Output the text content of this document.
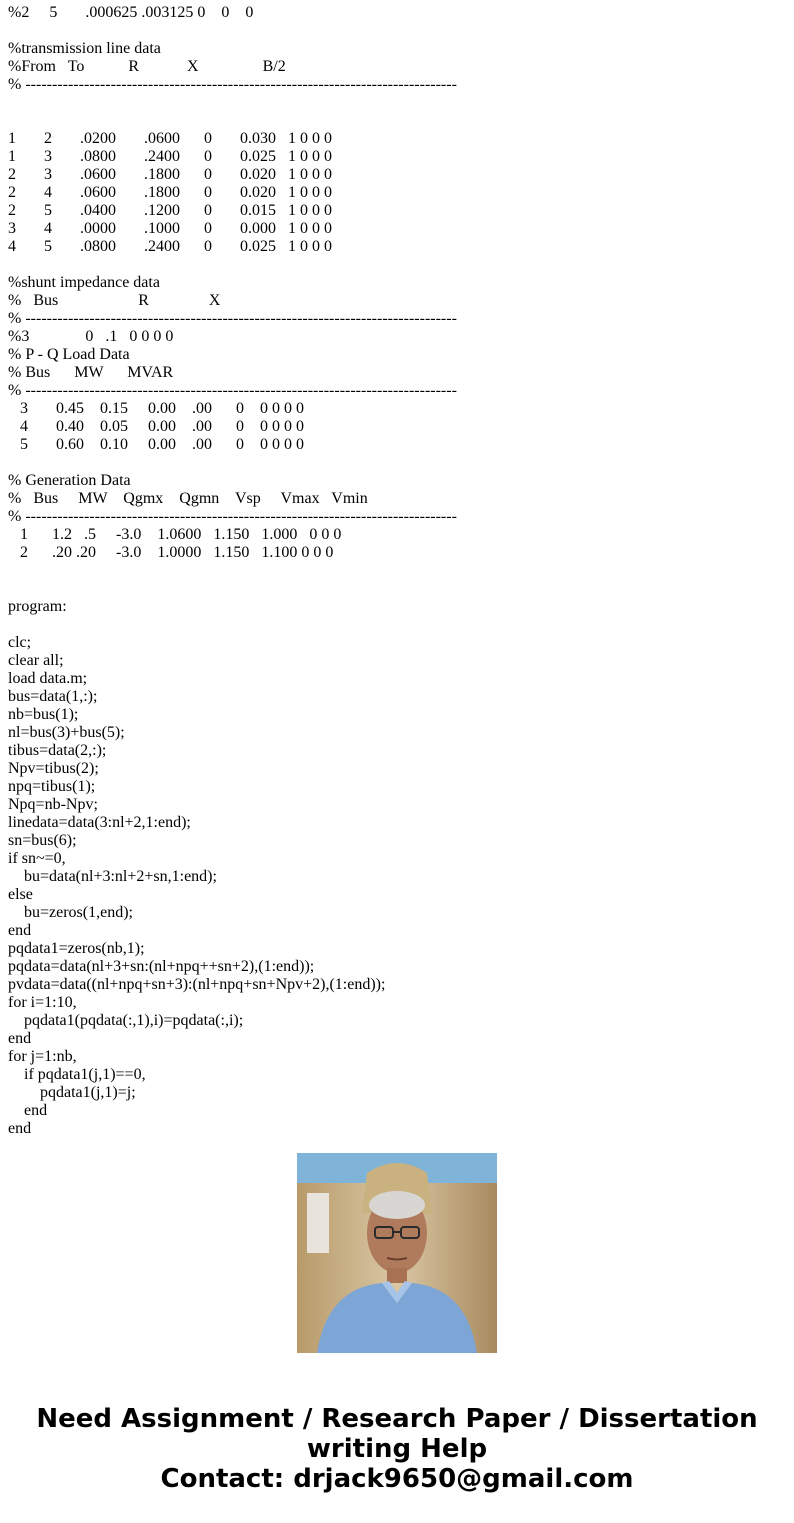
%2     5       .000625 .003125 0    0    0

%transmission line data
%From   To           R            X                B/2
% ---------------------------------------------------------------------------------

1       2       .0200       .0600      0       0.030   1 0 0 0
1       3       .0800       .2400      0       0.025   1 0 0 0
2       3       .0600       .1800      0       0.020   1 0 0 0
2       4       .0600       .1800      0       0.020   1 0 0 0
2       5       .0400       .1200      0       0.015   1 0 0 0
3       4       .0000       .1000      0       0.000   1 0 0 0
4       5       .0800       .2400      0       0.025   1 0 0 0

%shunt impedance data
%   Bus                    R               X
% ---------------------------------------------------------------------------------
%3              0   .1   0 0 0 0
% P - Q Load Data
% Bus      MW      MVAR
% ---------------------------------------------------------------------------------
3       0.45    0.15     0.00    .00      0    0 0 0 0
4       0.40    0.05     0.00    .00      0    0 0 0 0
5       0.60    0.10     0.00    .00      0    0 0 0 0

% Generation Data
%   Bus     MW    Qgmx    Qgmn    Vsp     Vmax   Vmin
% ---------------------------------------------------------------------------------
1      1.2   .5     -3.0    1.0600   1.150   1.000   0 0 0
2      .20 .20     -3.0    1.0000   1.150   1.100 0 0 0

program:

clc;
clear all;
load data.m;
bus=data(1,:);
nb=bus(1);
nl=bus(3)+bus(5);
tibus=data(2,:);
Npv=tibus(2);
npq=tibus(1);
Npq=nb-Npv;
linedata=data(3:nl+2,1:end);
sn=bus(6);
if sn~=0,
bu=data(nl+3:nl+2+sn,1:end);
else
bu=zeros(1,end);
end
pqdata1=zeros(nb,1);
pqdata=data(nl+3+sn:(nl+npq++sn+2),(1:end));
pvdata=data((nl+npq+sn+3):(nl+npq+sn+Npv+2),(1:end));
for i=1:10,
pqdata1(pqdata(:,1),i)=pqdata(:,i);
end
for j=1:nb,
if pqdata1(j,1)==0,
pqdata1(j,1)=j;
end
end
Need Assignment / Research Paper / Dissertation
writing Help
Contact: drjack9650@gmail.com
